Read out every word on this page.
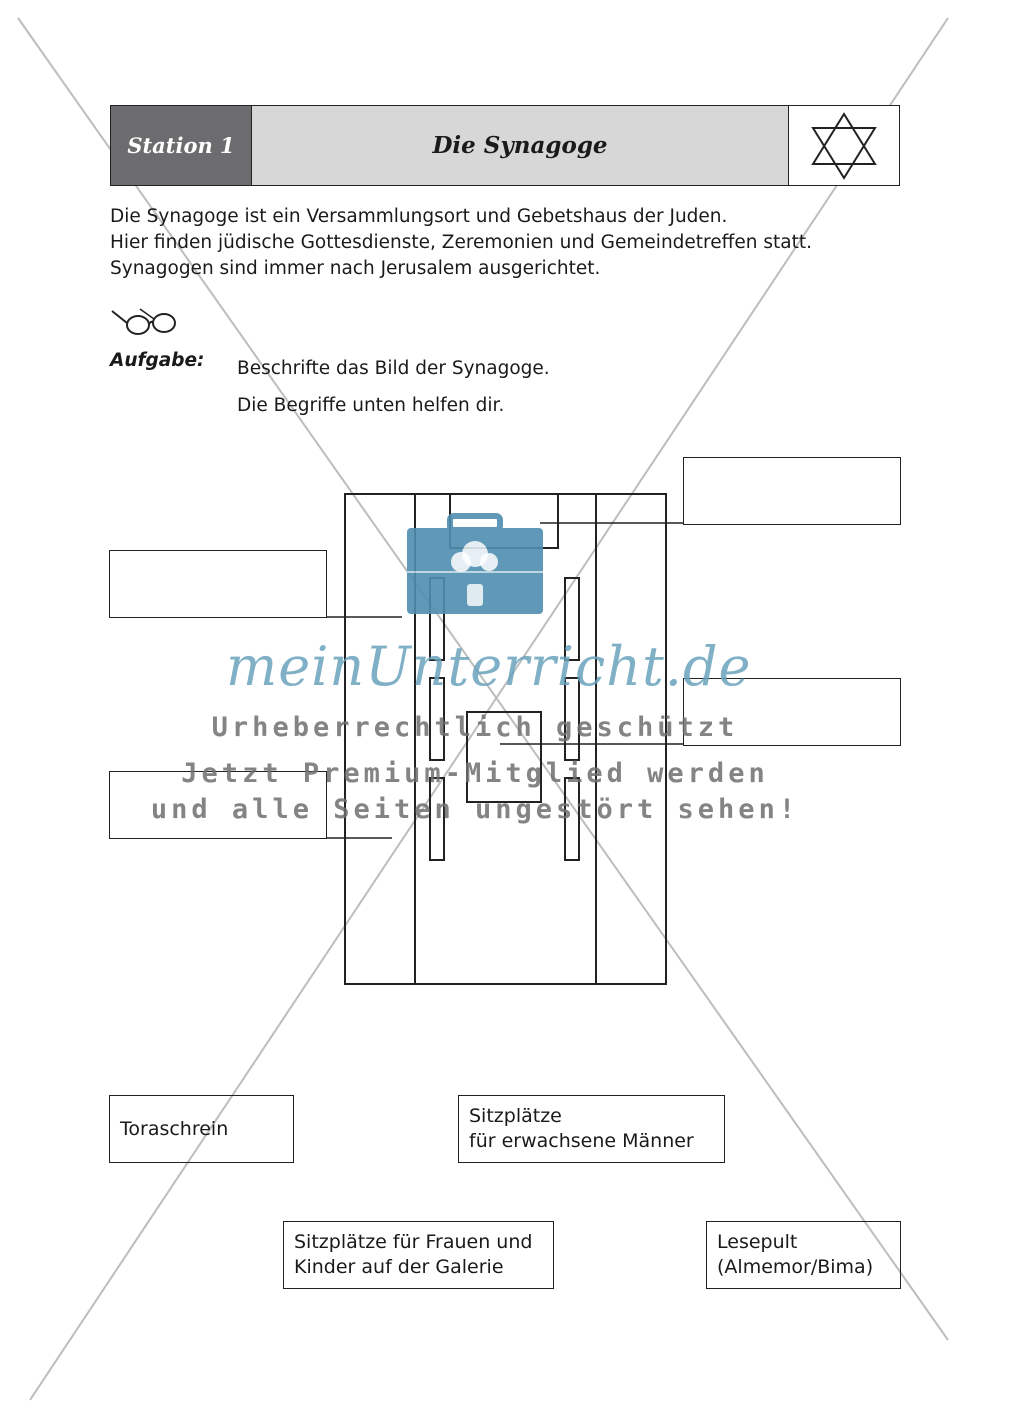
Station 1	Die Synagoge

Die Synagoge ist ein Versammlungsort und Gebetshaus der Juden.

Hier finden jüdische Gottesdienste, Zeremonien und Gemeindetreffen statt.

Synagogen sind immer nach Jerusalem ausgerichtet.

Aufgabe: Beschrifte das Bild der Synagoge.

Die Begriffe unten helfen dir.

meinUnterricht.de
Urheberrechtlich geschützt
Jetzt Premium-Mitglied werden
und alle Seiten ungestört sehen!
Toraschrein
Sitzplätze
für erwachsene Männer
Sitzplätze für Frauen und
Kinder auf der Galerie
Lesepult
(Almemor/Bima)
